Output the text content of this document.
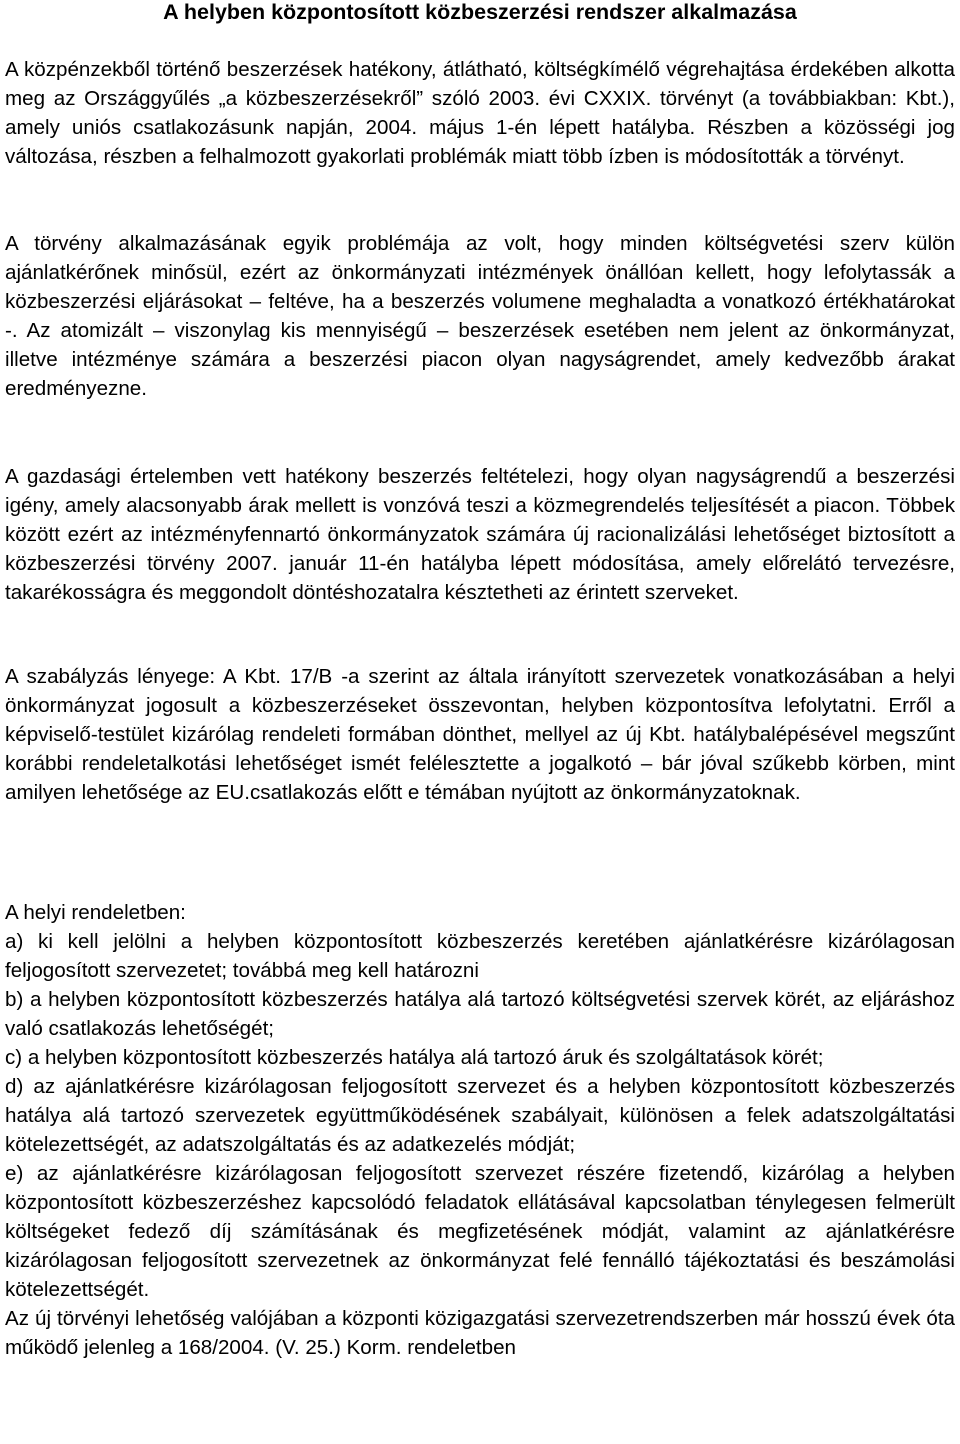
A helyben központosított közbeszerzési rendszer alkalmazása

A közpénzekből történő beszerzések hatékony, átlátható, költségkímélő végrehajtása érdekében alkotta meg az Országgyűlés „a közbeszerzésekről” szóló 2003. évi CXXIX. törvényt (a továbbiakban: Kbt.), amely uniós csatlakozásunk napján, 2004. május 1-én lépett hatályba. Részben a közösségi jog változása, részben a felhalmozott gyakorlati problémák miatt több ízben is módosították a törvényt.

A törvény alkalmazásának egyik problémája az volt, hogy minden költségvetési szerv külön ajánlatkérőnek minősül, ezért az önkormányzati intézmények önállóan kellett, hogy lefolytassák a közbeszerzési eljárásokat – feltéve, ha a beszerzés volumene meghaladta a vonatkozó értékhatárokat -. Az atomizált – viszonylag kis mennyiségű – beszerzések esetében nem jelent az önkormányzat, illetve intézménye számára a beszerzési piacon olyan nagyságrendet, amely kedvezőbb árakat eredményezne.

A gazdasági értelemben vett hatékony beszerzés feltételezi, hogy olyan nagyságrendű a beszerzési igény, amely alacsonyabb árak mellett is vonzóvá teszi a közmegrendelés teljesítését a piacon. Többek között ezért az intézményfennartó önkormányzatok számára új racionalizálási lehetőséget biztosított a közbeszerzési törvény 2007. január 11-én hatályba lépett módosítása, amely előrelátó tervezésre, takarékosságra és meggondolt döntéshozatalra késztetheti az érintett szerveket.

A szabályzás lényege: A Kbt. 17/B -a szerint az általa irányított szervezetek vonatkozásában a helyi önkormányzat jogosult a közbeszerzéseket összevontan, helyben központosítva lefolytatni. Erről a képviselő-testület kizárólag rendeleti formában dönthet, mellyel az új Kbt. hatálybalépésével megszűnt korábbi rendeletalkotási lehetőséget ismét felélesztette a jogalkotó – bár jóval szűkebb körben, mint amilyen lehetősége az EU.csatlakozás előtt e témában nyújtott az önkormányzatoknak.

A helyi rendeletben:
a) ki kell jelölni a helyben központosított közbeszerzés keretében ajánlatkérésre kizárólagosan feljogosított szervezetet; továbbá meg kell határozni
b) a helyben központosított közbeszerzés hatálya alá tartozó költségvetési szervek körét, az eljáráshoz való csatlakozás lehetőségét;
c) a helyben központosított közbeszerzés hatálya alá tartozó áruk és szolgáltatások körét;
d) az ajánlatkérésre kizárólagosan feljogosított szervezet és a helyben központosított közbeszerzés hatálya alá tartozó szervezetek együttműködésének szabályait, különösen a felek adatszolgáltatási kötelezettségét, az adatszolgáltatás és az adatkezelés módját;
e) az ajánlatkérésre kizárólagosan feljogosított szervezet részére fizetendő, kizárólag a helyben központosított közbeszerzéshez kapcsolódó feladatok ellátásával kapcsolatban ténylegesen felmerült költségeket fedező díj számításának és megfizetésének módját, valamint az ajánlatkérésre kizárólagosan feljogosított szervezetnek az önkormányzat felé fennálló tájékoztatási és beszámolási kötelezettségét.
Az új törvényi lehetőség valójában a központi közigazgatási szervezetrendszerben már hosszú évek óta működő jelenleg a 168/2004. (V. 25.) Korm. rendeletben
